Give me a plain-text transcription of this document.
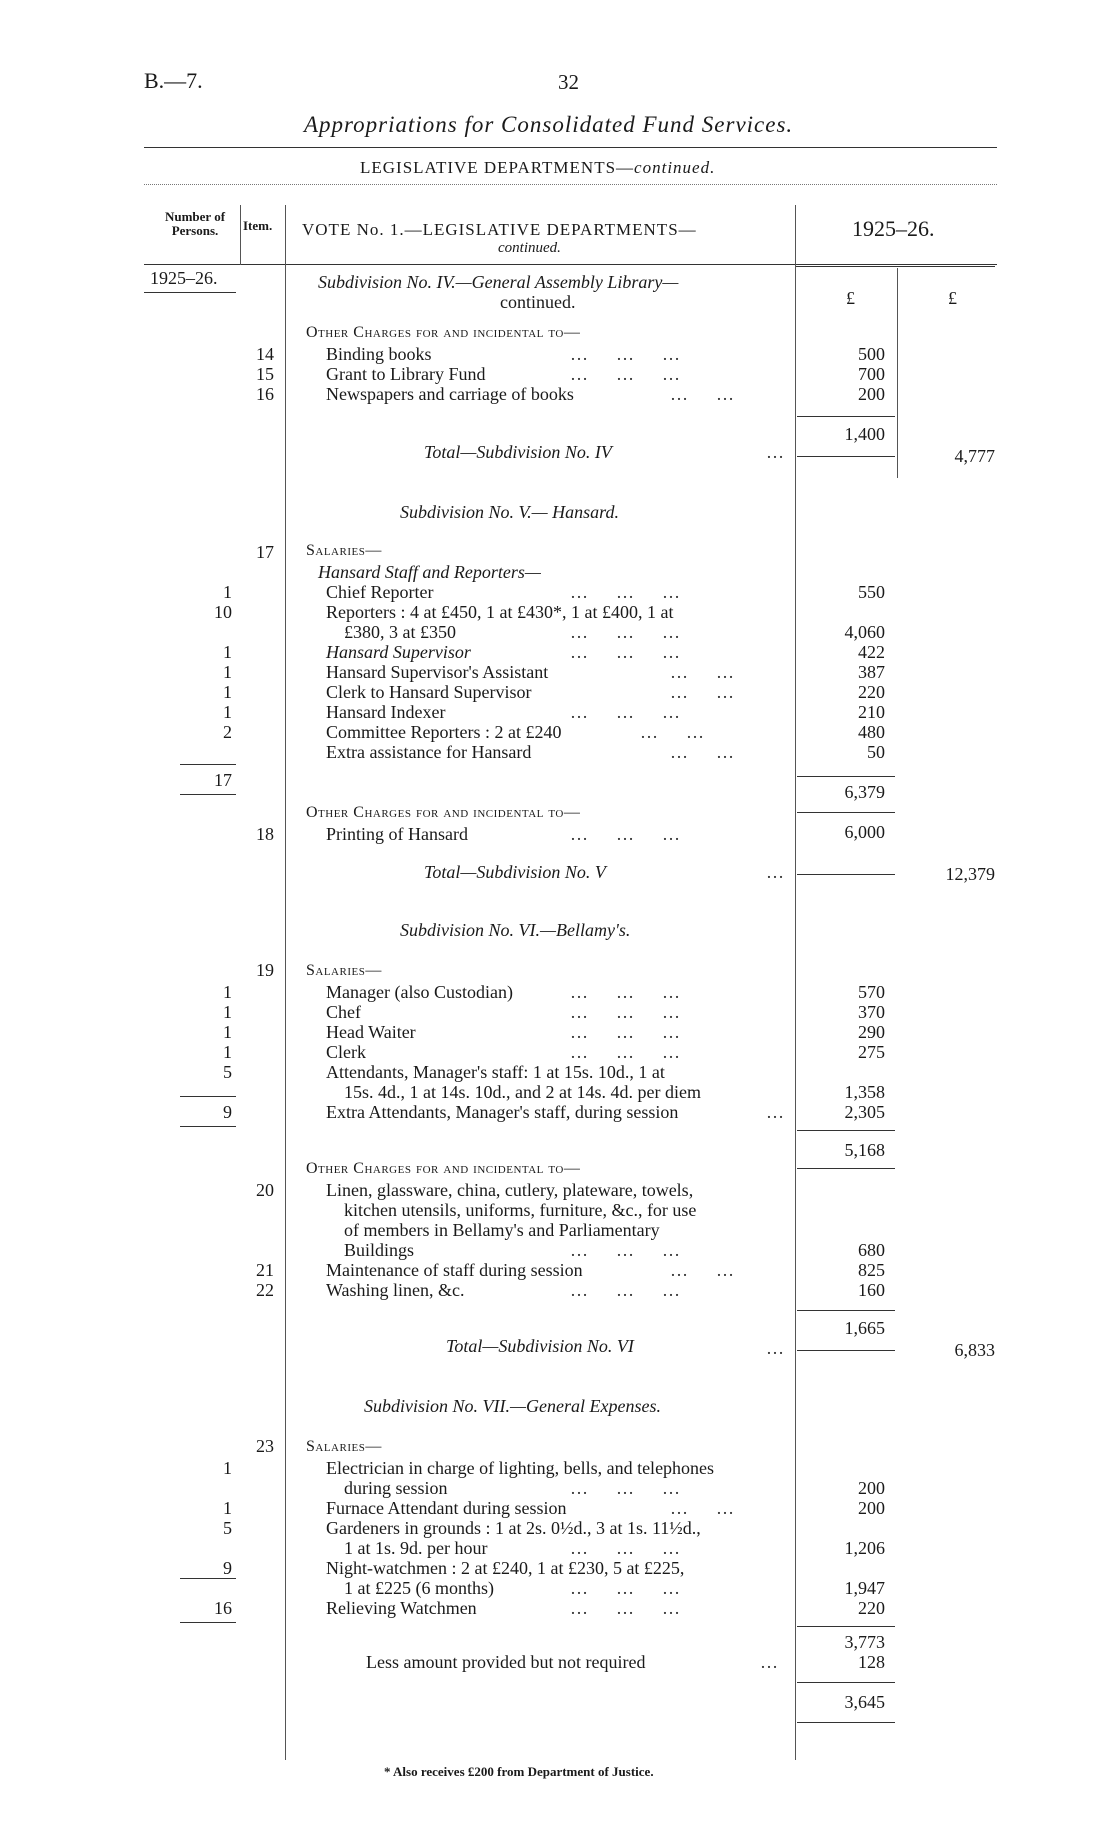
B.—7.	32
Appropriations for Consolidated Fund Services.
LEGISLATIVE DEPARTMENTS—continued.
Number of Persons.	Item. VOTE No. 1.—LEGISLATIVE DEPARTMENTS—
continued.
1925–26.
1925–26.
£	£
Subdivision No. IV.—General Assembly Library—
continued.
Other Charges for and incidental to—
14	Binding books	…    …    …	500
15	Grant to Library Fund	…    …    …	700
16	Newspapers and carriage of books	…    …	200
1,400
Total—Subdivision No. IV	…	4,777
Subdivision No. V.— Hansard.
17 Salaries—
Hansard Staff and Reporters—
1	Chief Reporter	…    …    …	550
10	Reporters : 4 at £450, 1 at £430*, 1 at £400, 1 at
£380, 3 at £350	…    …    …	4,060
1	Hansard Supervisor	…    …    …	422
1	Hansard Supervisor's Assistant	…    …	387
1	Clerk to Hansard Supervisor	…    …	220
1	Hansard Indexer	…    …    …	210
2	Committee Reporters : 2 at £240	…    …	480
Extra assistance for Hansard	…    …	50
17
6,379
Other Charges for and incidental to—
18	Printing of Hansard	…    …    …	6,000
Total—Subdivision No. V	…	12,379
Subdivision No. VI.—Bellamy's.
19 Salaries—
1	Manager (also Custodian)	…    …    …	570
1	Chef	…    …    …	370
1	Head Waiter	…    …    …	290
1	Clerk	…    …    …	275
5	Attendants, Manager's staff: 1 at 15s. 10d., 1 at
15s. 4d., 1 at 14s. 10d., and 2 at 14s. 4d. per diem	1,358
9	Extra Attendants, Manager's staff, during session	…	2,305
5,168
Other Charges for and incidental to—
20	Linen, glassware, china, cutlery, plateware, towels,
kitchen utensils, uniforms, furniture, &c., for use
of members in Bellamy's and Parliamentary
Buildings	…    …    …	680
21	Maintenance of staff during session	…    …	825
22	Washing linen, &c.	…    …    …	160
1,665
Total—Subdivision No. VI	…	6,833
Subdivision No. VII.—General Expenses.
23 Salaries—
1	Electrician in charge of lighting, bells, and telephones
during session	…    …    …	200
1	Furnace Attendant during session	…    …	200
5	Gardeners in grounds : 1 at 2s. 0½d., 3 at 1s. 11½d.,
1 at 1s. 9d. per hour	…    …    …	1,206
9	Night-watchmen : 2 at £240, 1 at £230, 5 at £225,
1 at £225 (6 months)	…    …    …	1,947
16	Relieving Watchmen	…    …    …	220
3,773
Less amount provided but not required	…	128
3,645
* Also receives £200 from Department of Justice.
